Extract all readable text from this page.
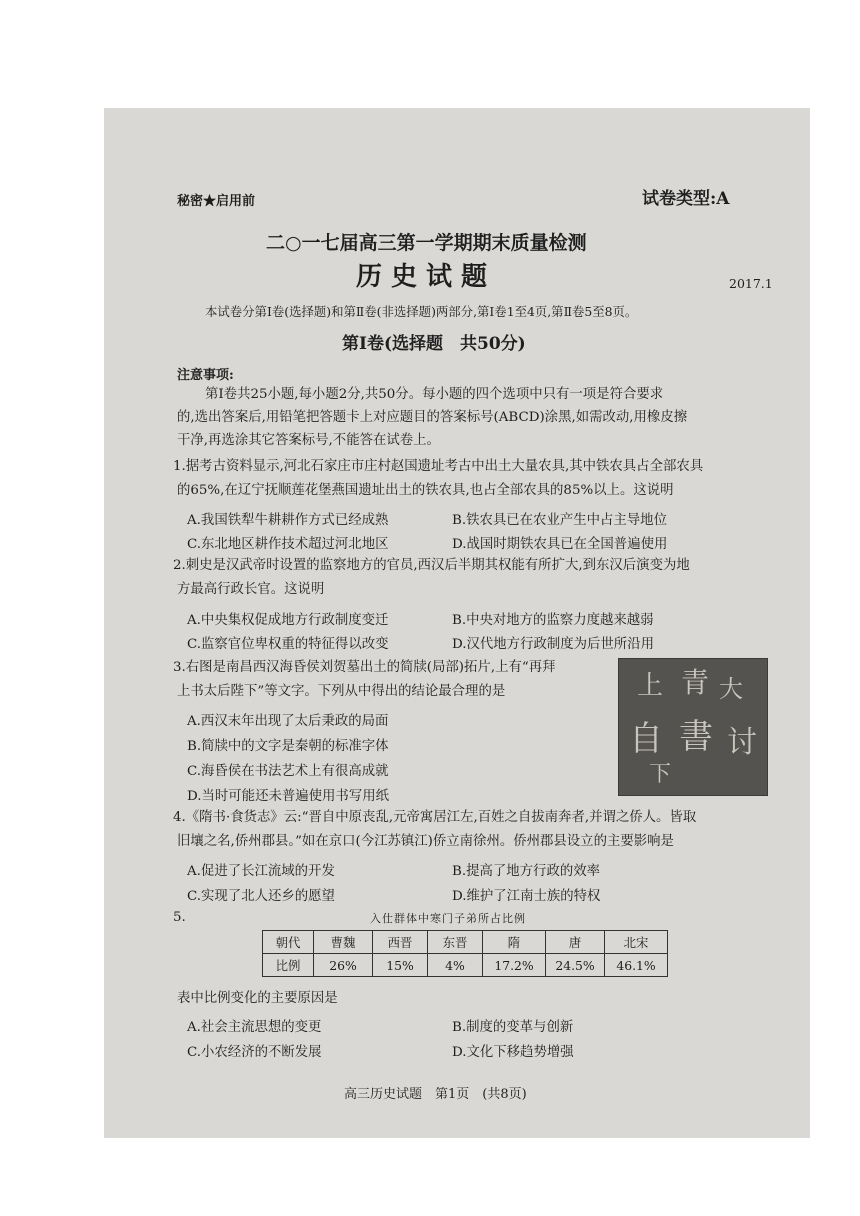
秘密★启用前	试卷类型:A
二○一七届高三第一学期期末质量检测
历史试题	2017.1
本试卷分第Ⅰ卷(选择题)和第Ⅱ卷(非选择题)两部分,第Ⅰ卷1至4页,第Ⅱ卷5至8页。
第Ⅰ卷(选择题　共50分)
注意事项:
第Ⅰ卷共25小题,每小题2分,共50分。每小题的四个选项中只有一项是符合要求
的,选出答案后,用铅笔把答题卡上对应题目的答案标号(ABCD)涂黑,如需改动,用橡皮擦
干净,再选涂其它答案标号,不能答在试卷上。
1.据考古资料显示,河北石家庄市庄村赵国遗址考古中出土大量农具,其中铁农具占全部农具
的65%,在辽宁抚顺莲花堡燕国遗址出土的铁农具,也占全部农具的85%以上。这说明
A.我国铁犁牛耕耕作方式已经成熟	B.铁农具已在农业产生中占主导地位
C.东北地区耕作技术超过河北地区	D.战国时期铁农具已在全国普遍使用
2.刺史是汉武帝时设置的监察地方的官员,西汉后半期其权能有所扩大,到东汉后演变为地
方最高行政长官。这说明
A.中央集权促成地方行政制度变迁	B.中央对地方的监察力度越来越弱
C.监察官位卑权重的特征得以改变	D.汉代地方行政制度为后世所沿用
3.右图是南昌西汉海昏侯刘贺墓出土的简牍(局部)拓片,上有“再拜
上书太后陛下”等文字。下列从中得出的结论最合理的是
A.西汉末年出现了太后秉政的局面
B.简牍中的文字是秦朝的标准字体
C.海昏侯在书法艺术上有很高成就
D.当时可能还未普遍使用书写用纸
上 青 大
自 書 讨
下
4.《隋书·食货志》云:“晋自中原丧乱,元帝寓居江左,百姓之自拔南奔者,并谓之侨人。皆取
旧壤之名,侨州郡县。”如在京口(今江苏镇江)侨立南徐州。侨州郡县设立的主要影响是
A.促进了长江流域的开发	B.提高了地方行政的效率
C.实现了北人还乡的愿望	D.维护了江南士族的特权
5.	入仕群体中寒门子弟所占比例
朝代	曹魏	西晋	东晋	隋	唐	北宋
比例	26%	15%	4%	17.2%	24.5%	46.1%
表中比例变化的主要原因是
A.社会主流思想的变更	B.制度的变革与创新
C.小农经济的不断发展	D.文化下移趋势增强
高三历史试题　第1页　(共8页)
